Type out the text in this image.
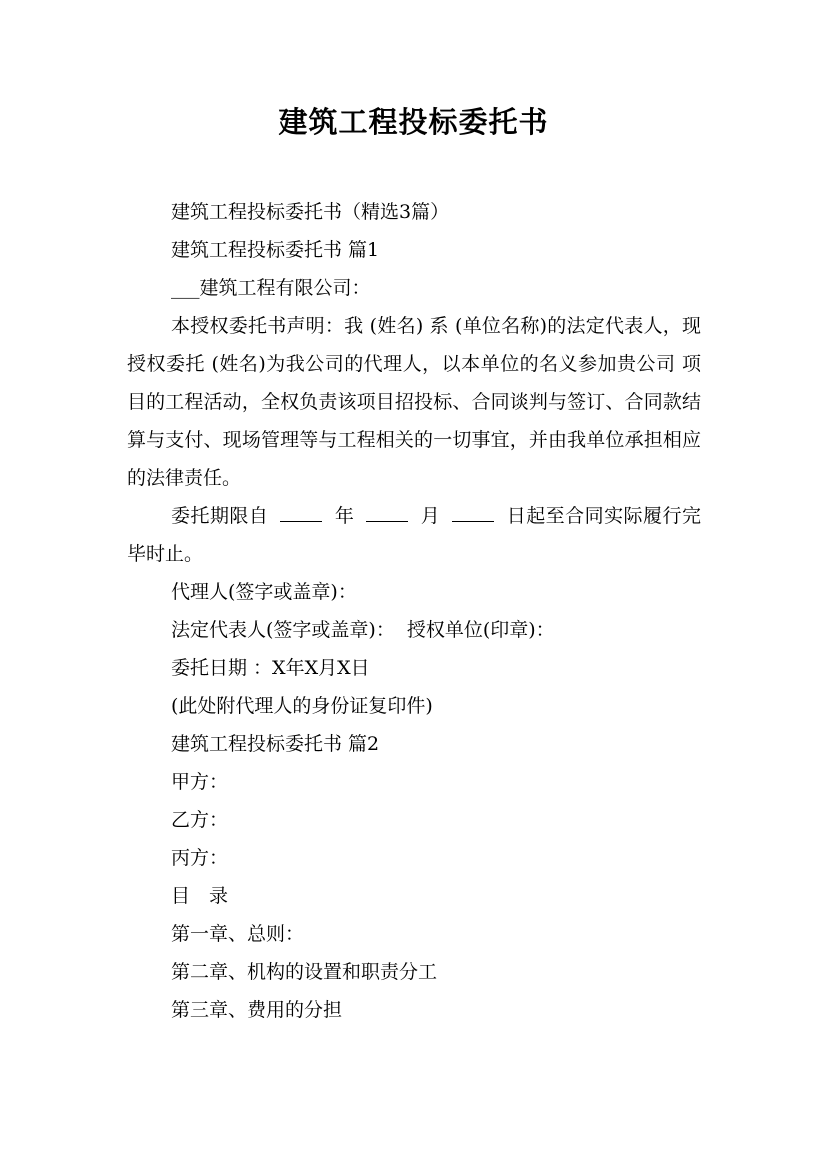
建筑工程投标委托书

建筑工程投标委托书（精选3篇）

建筑工程投标委托书 篇1

___建筑工程有限公司：

本授权委托书声明：我 (姓名) 系 (单位名称)的法定代表人，现授权委托 (姓名)为我公司的代理人，以本单位的名义参加贵公司 项目的工程活动，全权负责该项目招投标、合同谈判与签订、合同款结算与支付、现场管理等与工程相关的一切事宜，并由我单位承担相应的法律责任。

委托期限自	年	月	日起至合同实际履行完毕时止。

代理人(签字或盖章)：

法定代表人(签字或盖章)： 授权单位(印章)：

委托日期 ：X年X月X日

(此处附代理人的身份证复印件)

建筑工程投标委托书 篇2

甲方：

乙方：

丙方：

目　录

第一章、总则：

第二章、机构的设置和职责分工

第三章、费用的分担
